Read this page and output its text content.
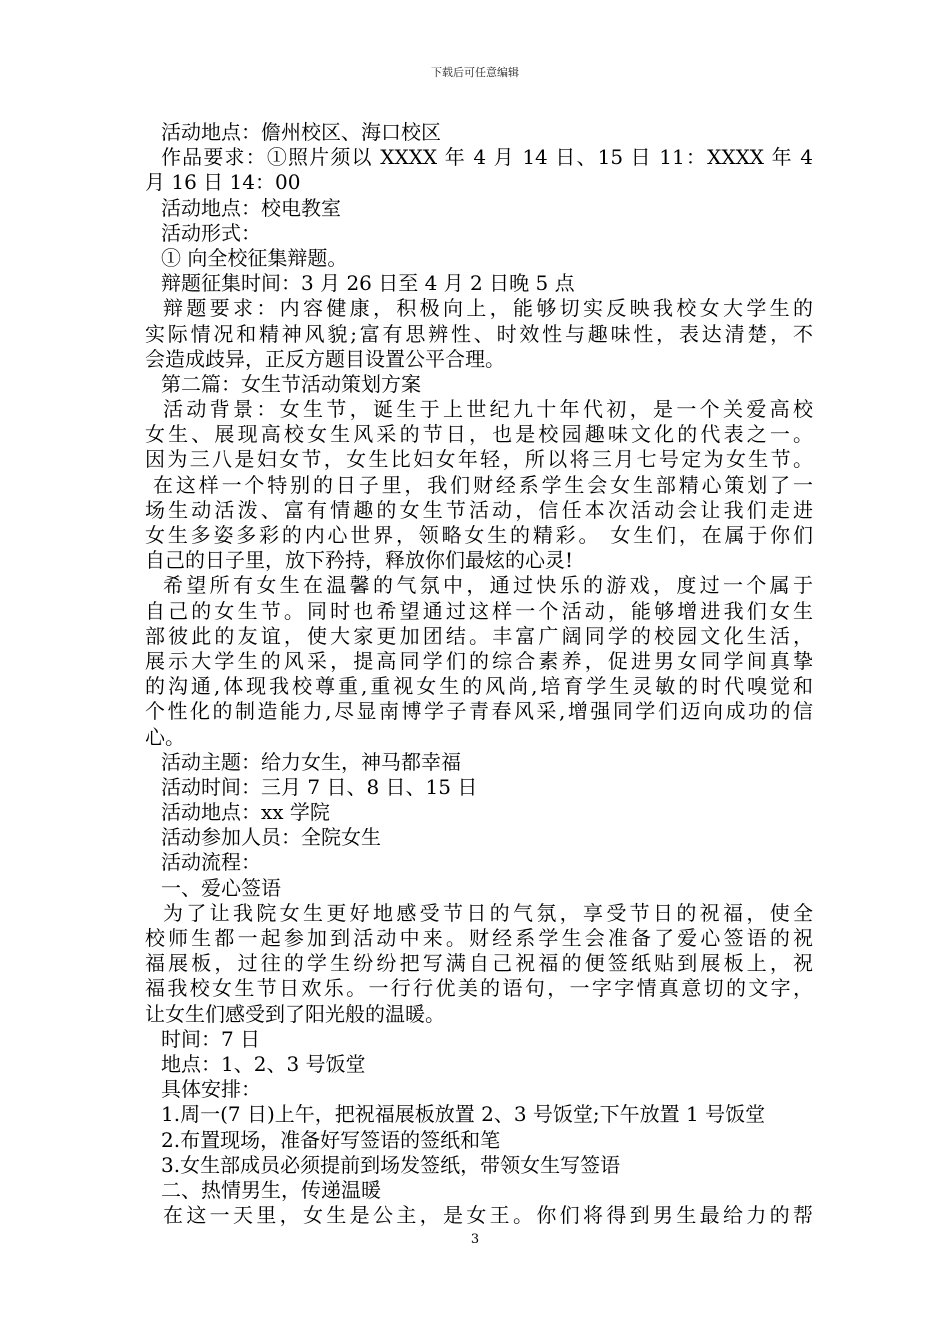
下载后可任意编辑
活动地点：儋州校区、海口校区
作品要求：①照片须以 XXXX 年 4 月 14 日、15 日 11：XXXX 年 4
月 16 日 14：00
活动地点：校电教室
活动形式：
① 向全校征集辩题。
辩题征集时间：3 月 26 日至 4 月 2 日晚 5 点
辩题要求：内容健康，积极向上，能够切实反映我校女大学生的
实际情况和精神风貌;富有思辨性、时效性与趣味性，表达清楚，不
会造成歧异，正反方题目设置公平合理。
第二篇：女生节活动策划方案
活动背景：女生节，诞生于上世纪九十年代初，是一个关爱高校
女生、展现高校女生风采的节日，也是校园趣味文化的代表之一。
因为三八是妇女节，女生比妇女年轻，所以将三月七号定为女生节。
在这样一个特别的日子里，我们财经系学生会女生部精心策划了一
场生动活泼、富有情趣的女生节活动，信任本次活动会让我们走进
女生多姿多彩的内心世界，领略女生的精彩。 女生们，在属于你们
自己的日子里，放下矜持，释放你们最炫的心灵!
希望所有女生在温馨的气氛中，通过快乐的游戏，度过一个属于
自己的女生节。同时也希望通过这样一个活动，能够增进我们女生
部彼此的友谊，使大家更加团结。丰富广阔同学的校园文化生活，
展示大学生的风采，提高同学们的综合素养，促进男女同学间真挚
的沟通,体现我校尊重,重视女生的风尚,培育学生灵敏的时代嗅觉和
个性化的制造能力,尽显南博学子青春风采,增强同学们迈向成功的信
心。
活动主题：给力女生，神马都幸福
活动时间：三月 7 日、8 日、15 日
活动地点：xx 学院
活动参加人员：全院女生
活动流程：
一、爱心签语
为了让我院女生更好地感受节日的气氛，享受节日的祝福，使全
校师生都一起参加到活动中来。财经系学生会准备了爱心签语的祝
福展板，过往的学生纷纷把写满自己祝福的便签纸贴到展板上，祝
福我校女生节日欢乐。一行行优美的语句，一字字情真意切的文字，
让女生们感受到了阳光般的温暖。
时间：7 日
地点：1、2、3 号饭堂
具体安排：
1.周一(7 日)上午，把祝福展板放置 2、3 号饭堂;下午放置 1 号饭堂
2.布置现场，准备好写签语的签纸和笔
3.女生部成员必须提前到场发签纸，带领女生写签语
二、热情男生，传递温暖
在这一天里，女生是公主，是女王。你们将得到男生最给力的帮
3
